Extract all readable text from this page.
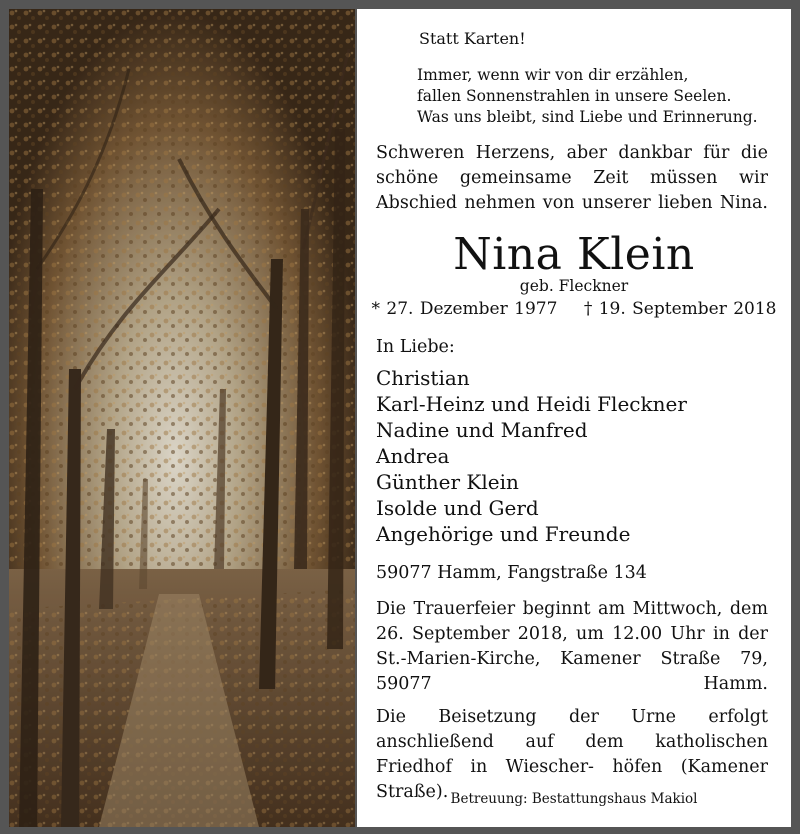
Statt Karten!
Immer, wenn wir von dir erzählen,
fallen Sonnenstrahlen in unsere Seelen.
Was uns bleibt, sind Liebe und Erinnerung.
Schweren Herzens, aber dankbar für die schöne gemeinsame Zeit müssen wir Abschied nehmen von unserer lieben Nina.
Nina Klein
geb. Fleckner
* 27. Dezember 1977 † 19. September 2018
In Liebe:
Christian
Karl-Heinz und Heidi Fleckner
Nadine und Manfred
Andrea
Günther Klein
Isolde und Gerd
Angehörige und Freunde
59077 Hamm, Fangstraße 134
Die Trauerfeier beginnt am Mittwoch, dem 26. September 2018, um 12.00 Uhr in der St.-Marien-Kirche, Kamener Straße 79, 59077 Hamm.
Die Beisetzung der Urne erfolgt anschließend auf dem katholischen Friedhof in Wiescher- höfen (Kamener Straße). Betreuung: Bestattungshaus Makiol
